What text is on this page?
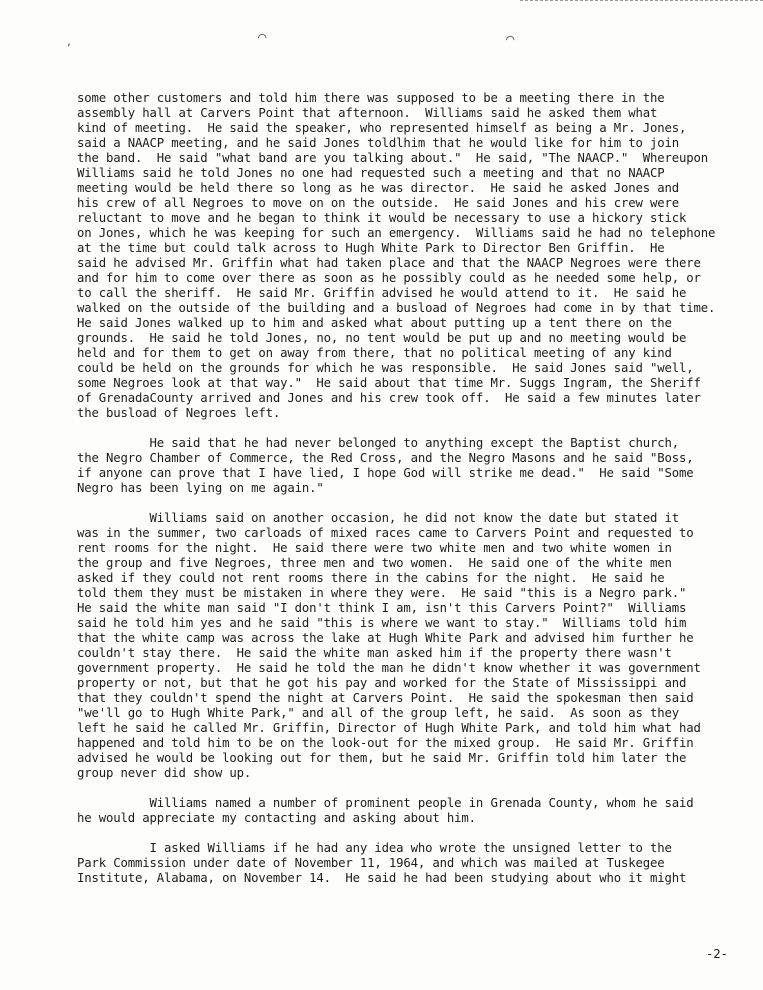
⌒	⌒
,
some other customers and told him there was supposed to be a meeting there in the
assembly hall at Carvers Point that afternoon.  Williams said he asked them what
kind of meeting.  He said the speaker, who represented himself as being a Mr. Jones,
said a NAACP meeting, and he said Jones toldlhim that he would like for him to join
the band.  He said "what band are you talking about."  He said, "The NAACP."  Whereupon
Williams said he told Jones no one had requested such a meeting and that no NAACP
meeting would be held there so long as he was director.  He said he asked Jones and
his crew of all Negroes to move on on the outside.  He said Jones and his crew were
reluctant to move and he began to think it would be necessary to use a hickory stick
on Jones, which he was keeping for such an emergency.  Williams said he had no telephone
at the time but could talk across to Hugh White Park to Director Ben Griffin.  He
said he advised Mr. Griffin what had taken place and that the NAACP Negroes were there
and for him to come over there as soon as he possibly could as he needed some help, or
to call the sheriff.  He said Mr. Griffin advised he would attend to it.  He said he
walked on the outside of the building and a busload of Negroes had come in by that time.
He said Jones walked up to him and asked what about putting up a tent there on the
grounds.  He said he told Jones, no, no tent would be put up and no meeting would be
held and for them to get on away from there, that no political meeting of any kind
could be held on the grounds for which he was responsible.  He said Jones said "well,
some Negroes look at that way."  He said about that time Mr. Suggs Ingram, the Sheriff
of GrenadaCounty arrived and Jones and his crew took off.  He said a few minutes later
the busload of Negroes left.
He said that he had never belonged to anything except the Baptist church,
the Negro Chamber of Commerce, the Red Cross, and the Negro Masons and he said "Boss,
if anyone can prove that I have lied, I hope God will strike me dead."  He said "Some
Negro has been lying on me again."
Williams said on another occasion, he did not know the date but stated it
was in the summer, two carloads of mixed races came to Carvers Point and requested to
rent rooms for the night.  He said there were two white men and two white women in
the group and five Negroes, three men and two women.  He said one of the white men
asked if they could not rent rooms there in the cabins for the night.  He said he
told them they must be mistaken in where they were.  He said "this is a Negro park."
He said the white man said "I don't think I am, isn't this Carvers Point?"  Williams
said he told him yes and he said "this is where we want to stay."  Williams told him
that the white camp was across the lake at Hugh White Park and advised him further he
couldn't stay there.  He said the white man asked him if the property there wasn't
government property.  He said he told the man he didn't know whether it was government
property or not, but that he got his pay and worked for the State of Mississippi and
that they couldn't spend the night at Carvers Point.  He said the spokesman then said
"we'll go to Hugh White Park," and all of the group left, he said.  As soon as they
left he said he called Mr. Griffin, Director of Hugh White Park, and told him what had
happened and told him to be on the look-out for the mixed group.  He said Mr. Griffin
advised he would be looking out for them, but he said Mr. Griffin told him later the
group never did show up.
Williams named a number of prominent people in Grenada County, whom he said
he would appreciate my contacting and asking about him.
I asked Williams if he had any idea who wrote the unsigned letter to the
Park Commission under date of November 11, 1964, and which was mailed at Tuskegee
Institute, Alabama, on November 14.  He said he had been studying about who it might
-2-
